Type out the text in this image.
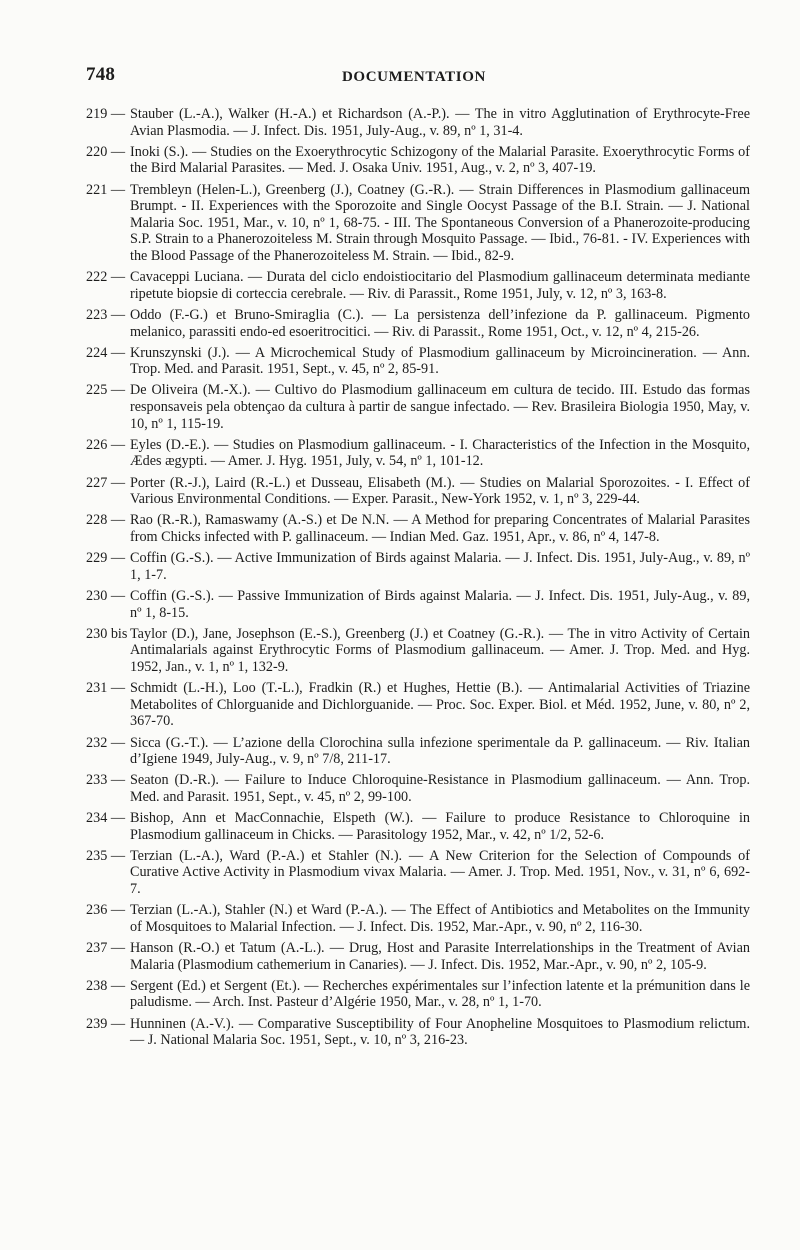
748	DOCUMENTATION
219 — Stauber (L.-A.), Walker (H.-A.) et Richardson (A.-P.). — The in vitro Agglutination of Erythrocyte-Free Avian Plasmodia. — J. Infect. Dis. 1951, July-Aug., v. 89, nº 1, 31-4.
220 — Inoki (S.). — Studies on the Exoerythrocytic Schizogony of the Malarial Parasite. Exoerythrocytic Forms of the Bird Malarial Parasites. — Med. J. Osaka Univ. 1951, Aug., v. 2, nº 3, 407-19.
221 — Trembleyn (Helen-L.), Greenberg (J.), Coatney (G.-R.). — Strain Differences in Plasmodium gallinaceum Brumpt. - II. Experiences with the Sporozoite and Single Oocyst Passage of the B.I. Strain. — J. National Malaria Soc. 1951, Mar., v. 10, nº 1, 68-75. - III. The Spontaneous Conversion of a Phanerozoite-producing S.P. Strain to a Phanerozoiteless M. Strain through Mosquito Passage. — Ibid., 76-81. - IV. Experiences with the Blood Passage of the Phanerozoiteless M. Strain. — Ibid., 82-9.
222 — Cavaceppi Luciana. — Durata del ciclo endoistiocitario del Plasmodium gallinaceum determinata mediante ripetute biopsie di corteccia cerebrale. — Riv. di Parassit., Rome 1951, July, v. 12, nº 3, 163-8.
223 — Oddo (F.-G.) et Bruno-Smiraglia (C.). — La persistenza dell’infezione da P. gallinaceum. Pigmento melanico, parassiti endo-ed esoeritrocitici. — Riv. di Parassit., Rome 1951, Oct., v. 12, nº 4, 215-26.
224 — Krunszynski (J.). — A Microchemical Study of Plasmodium gallinaceum by Microincineration. — Ann. Trop. Med. and Parasit. 1951, Sept., v. 45, nº 2, 85-91.
225 — De Oliveira (M.-X.). — Cultivo do Plasmodium gallinaceum em cultura de tecido. III. Estudo das formas responsaveis pela obtençao da cultura à partir de sangue infectado. — Rev. Brasileira Biologia 1950, May, v. 10, nº 1, 115-19.
226 — Eyles (D.-E.). — Studies on Plasmodium gallinaceum. - I. Characteristics of the Infection in the Mosquito, Ædes ægypti. — Amer. J. Hyg. 1951, July, v. 54, nº 1, 101-12.
227 — Porter (R.-J.), Laird (R.-L.) et Dusseau, Elisabeth (M.). — Studies on Malarial Sporozoites. - I. Effect of Various Environmental Conditions. — Exper. Parasit., New-York 1952, v. 1, nº 3, 229-44.
228 — Rao (R.-R.), Ramaswamy (A.-S.) et De N.N. — A Method for preparing Concentrates of Malarial Parasites from Chicks infected with P. gallinaceum. — Indian Med. Gaz. 1951, Apr., v. 86, nº 4, 147-8.
229 — Coffin (G.-S.). — Active Immunization of Birds against Malaria. — J. Infect. Dis. 1951, July-Aug., v. 89, nº 1, 1-7.
230 — Coffin (G.-S.). — Passive Immunization of Birds against Malaria. — J. Infect. Dis. 1951, July-Aug., v. 89, nº 1, 8-15.
230 bis Taylor (D.), Jane, Josephson (E.-S.), Greenberg (J.) et Coatney (G.-R.). — The in vitro Activity of Certain Antimalarials against Erythrocytic Forms of Plasmodium gallinaceum. — Amer. J. Trop. Med. and Hyg. 1952, Jan., v. 1, nº 1, 132-9.
231 — Schmidt (L.-H.), Loo (T.-L.), Fradkin (R.) et Hughes, Hettie (B.). — Antimalarial Activities of Triazine Metabolites of Chlorguanide and Dichlorguanide. — Proc. Soc. Exper. Biol. et Méd. 1952, June, v. 80, nº 2, 367-70.
232 — Sicca (G.-T.). — L’azione della Clorochina sulla infezione sperimentale da P. gallinaceum. — Riv. Italian d’Igiene 1949, July-Aug., v. 9, nº 7/8, 211-17.
233 — Seaton (D.-R.). — Failure to Induce Chloroquine-Resistance in Plasmodium gallinaceum. — Ann. Trop. Med. and Parasit. 1951, Sept., v. 45, nº 2, 99-100.
234 — Bishop, Ann et MacConnachie, Elspeth (W.). — Failure to produce Resistance to Chloroquine in Plasmodium gallinaceum in Chicks. — Parasitology 1952, Mar., v. 42, nº 1/2, 52-6.
235 — Terzian (L.-A.), Ward (P.-A.) et Stahler (N.). — A New Criterion for the Selection of Compounds of Curative Active Activity in Plasmodium vivax Malaria. — Amer. J. Trop. Med. 1951, Nov., v. 31, nº 6, 692-7.
236 — Terzian (L.-A.), Stahler (N.) et Ward (P.-A.). — The Effect of Antibiotics and Metabolites on the Immunity of Mosquitoes to Malarial Infection. — J. Infect. Dis. 1952, Mar.-Apr., v. 90, nº 2, 116-30.
237 — Hanson (R.-O.) et Tatum (A.-L.). — Drug, Host and Parasite Interrelationships in the Treatment of Avian Malaria (Plasmodium cathemerium in Canaries). — J. Infect. Dis. 1952, Mar.-Apr., v. 90, nº 2, 105-9.
238 — Sergent (Ed.) et Sergent (Et.). — Recherches expérimentales sur l’infection latente et la prémunition dans le paludisme. — Arch. Inst. Pasteur d’Algérie 1950, Mar., v. 28, nº 1, 1-70.
239 — Hunninen (A.-V.). — Comparative Susceptibility of Four Anopheline Mosquitoes to Plasmodium relictum. — J. National Malaria Soc. 1951, Sept., v. 10, nº 3, 216-23.
